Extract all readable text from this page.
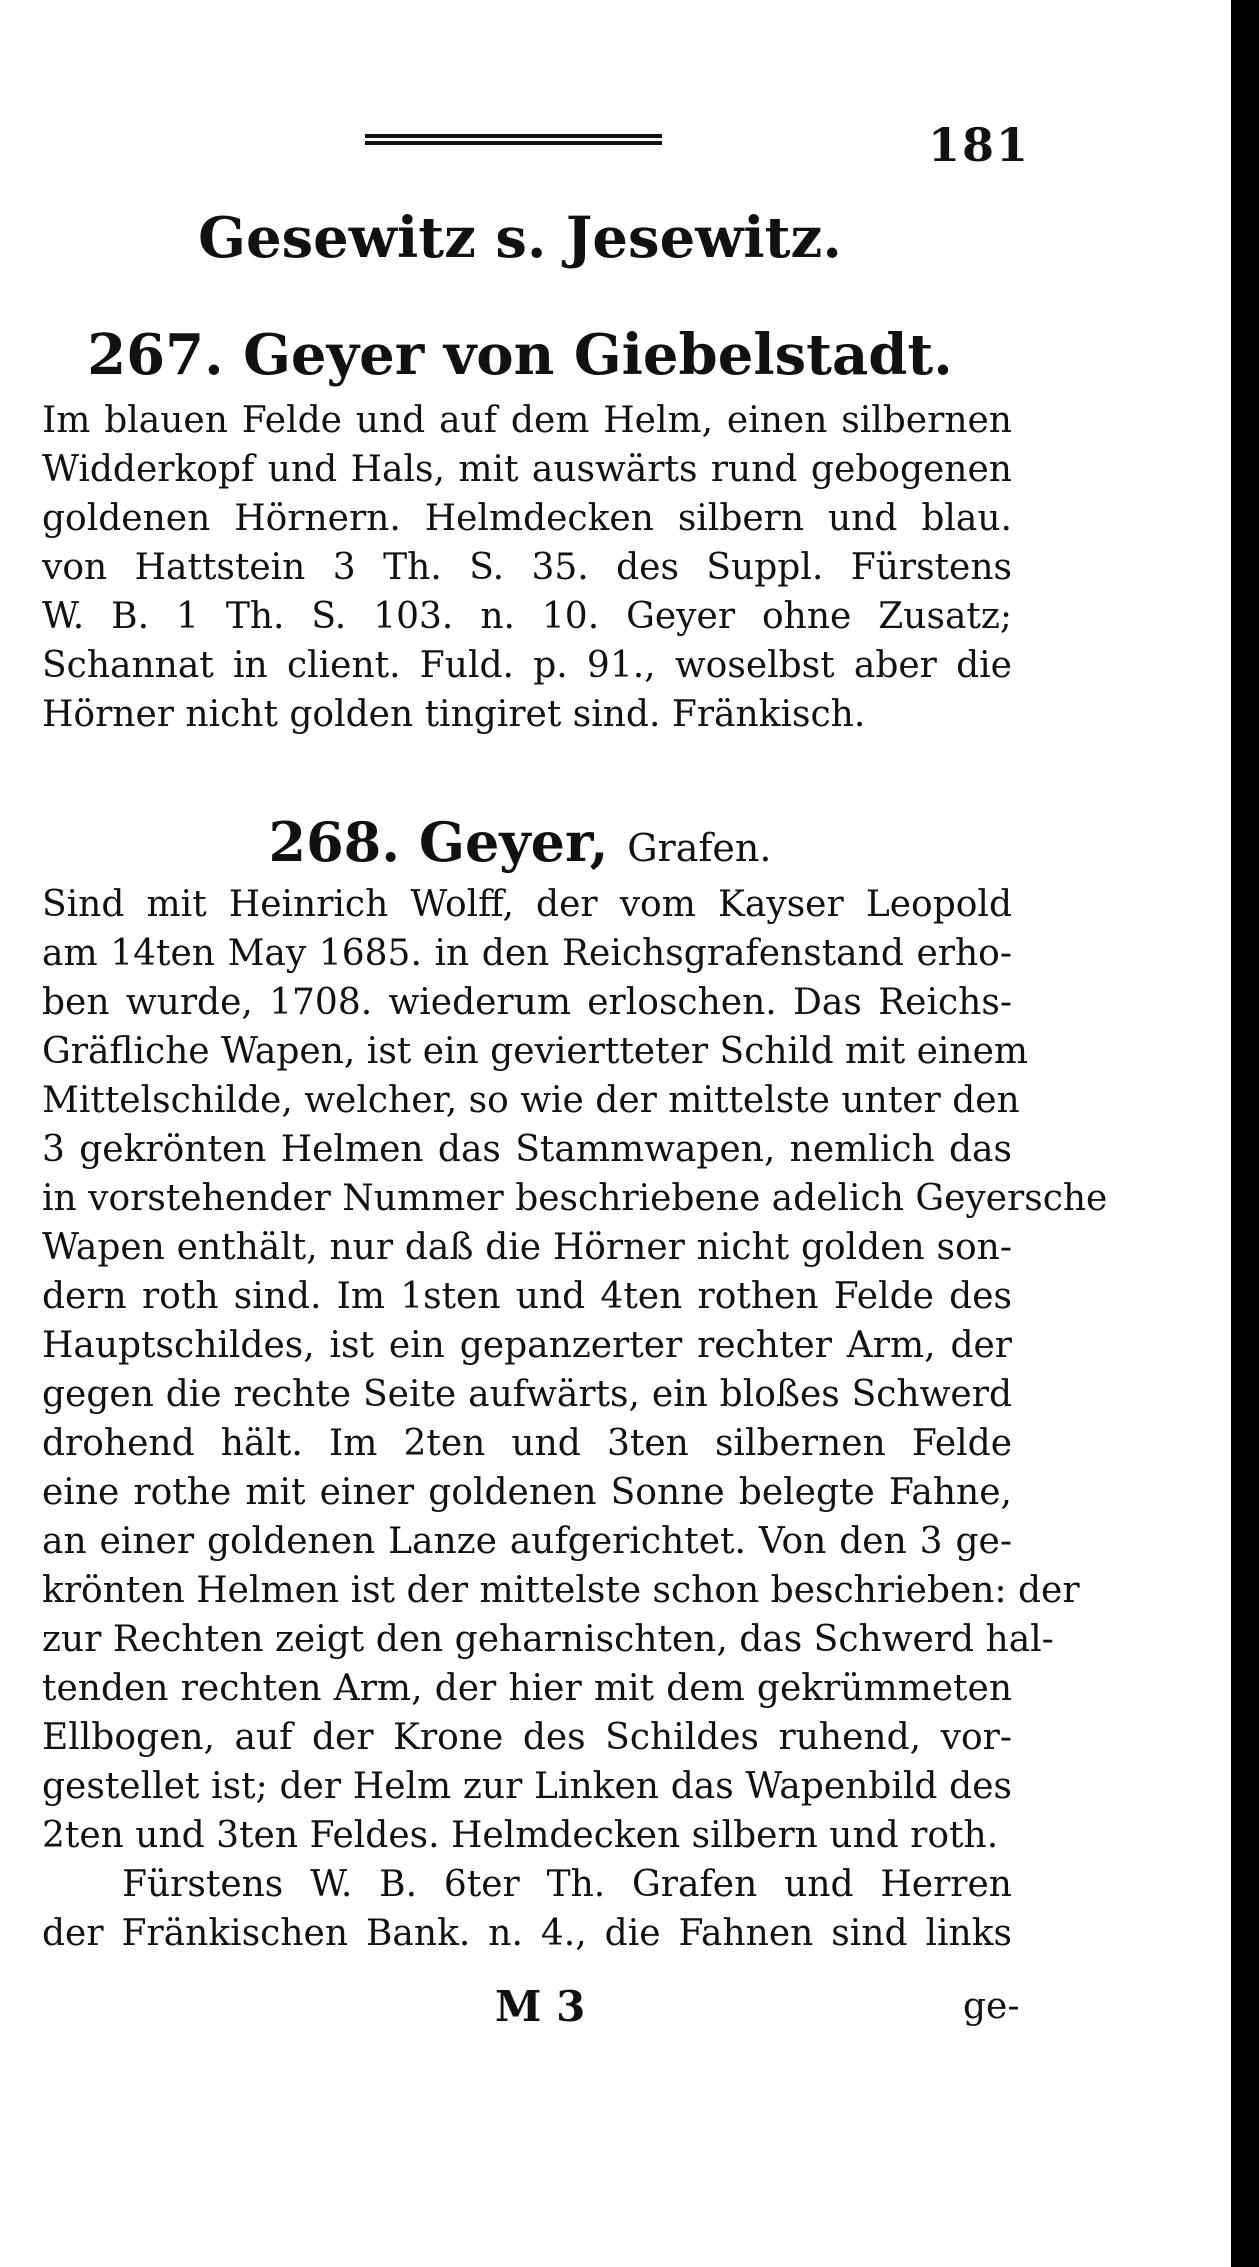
181
Gesewitz s. Jesewitz.
267. Geyer von Giebelstadt.
Im blauen Felde und auf dem Helm, einen silbernen
Widderkopf und Hals, mit auswärts rund gebogenen
goldenen Hörnern. Helmdecken silbern und blau.
von Hattstein 3 Th. S. 35. des Suppl. Fürstens
W. B. 1 Th. S. 103. n. 10. Geyer ohne Zusatz;
Schannat in client. Fuld. p. 91., woselbst aber die
Hörner nicht golden tingiret sind. Fränkisch.
268. Geyer, Grafen.
Sind mit Heinrich Wolff, der vom Kayser Leopold
am 14ten May 1685. in den Reichsgrafenstand erho-
ben wurde, 1708. wiederum erloschen. Das Reichs-
Gräfliche Wapen, ist ein geviertteter Schild mit einem
Mittelschilde, welcher, so wie der mittelste unter den
3 gekrönten Helmen das Stammwapen, nemlich das
in vorstehender Nummer beschriebene adelich Geyersche
Wapen enthält, nur daß die Hörner nicht golden son-
dern roth sind. Im 1sten und 4ten rothen Felde des
Hauptschildes, ist ein gepanzerter rechter Arm, der
gegen die rechte Seite aufwärts, ein bloßes Schwerd
drohend hält. Im 2ten und 3ten silbernen Felde
eine rothe mit einer goldenen Sonne belegte Fahne,
an einer goldenen Lanze aufgerichtet. Von den 3 ge-
krönten Helmen ist der mittelste schon beschrieben: der
zur Rechten zeigt den geharnischten, das Schwerd hal-
tenden rechten Arm, der hier mit dem gekrümmeten
Ellbogen, auf der Krone des Schildes ruhend, vor-
gestellet ist; der Helm zur Linken das Wapenbild des
2ten und 3ten Feldes. Helmdecken silbern und roth.
Fürstens W. B. 6ter Th. Grafen und Herren
der Fränkischen Bank. n. 4., die Fahnen sind links
M 3	ge-
